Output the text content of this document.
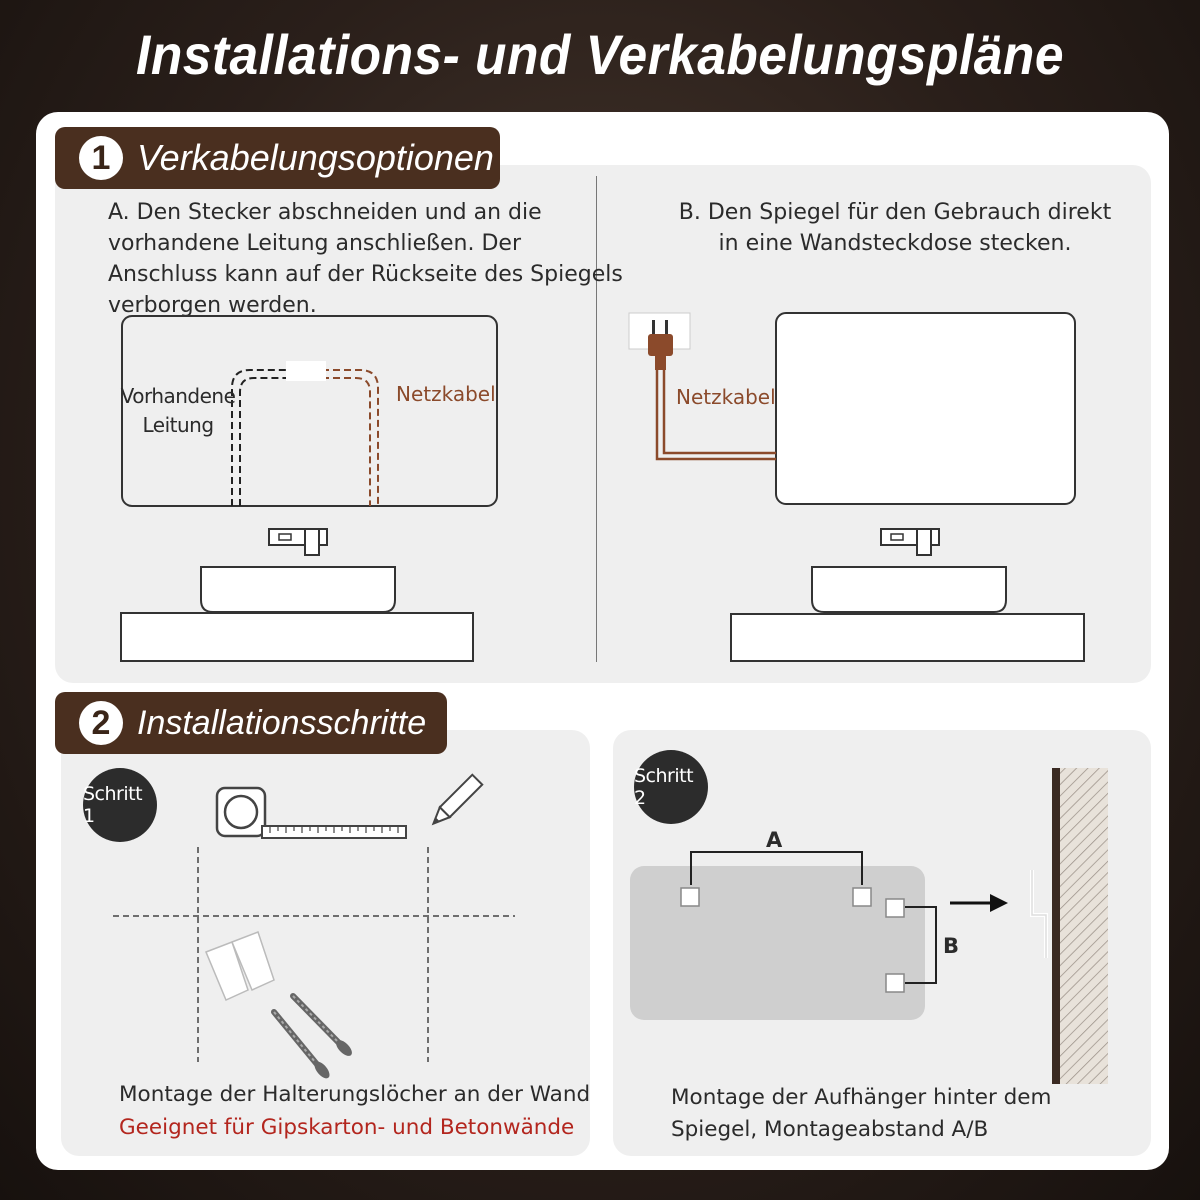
Installations- und Verkabelungspläne
1 Verkabelungsoptionen
A. Den Stecker abschneiden und an die
vorhandene Leitung anschließen. Der
Anschluss kann auf der Rückseite des Spiegels
verborgen werden.
B. Den Spiegel für den Gebrauch direkt
in eine Wandsteckdose stecken.
Vorhandene
Leitung
Netzkabel	Netzkabel
2 Installationsschritte
Schritt 1
Schritt 2
A
B
Montage der Halterungslöcher an der Wand
Geeignet für Gipskarton- und Betonwände
Montage der Aufhänger hinter dem
Spiegel, Montageabstand A/B
